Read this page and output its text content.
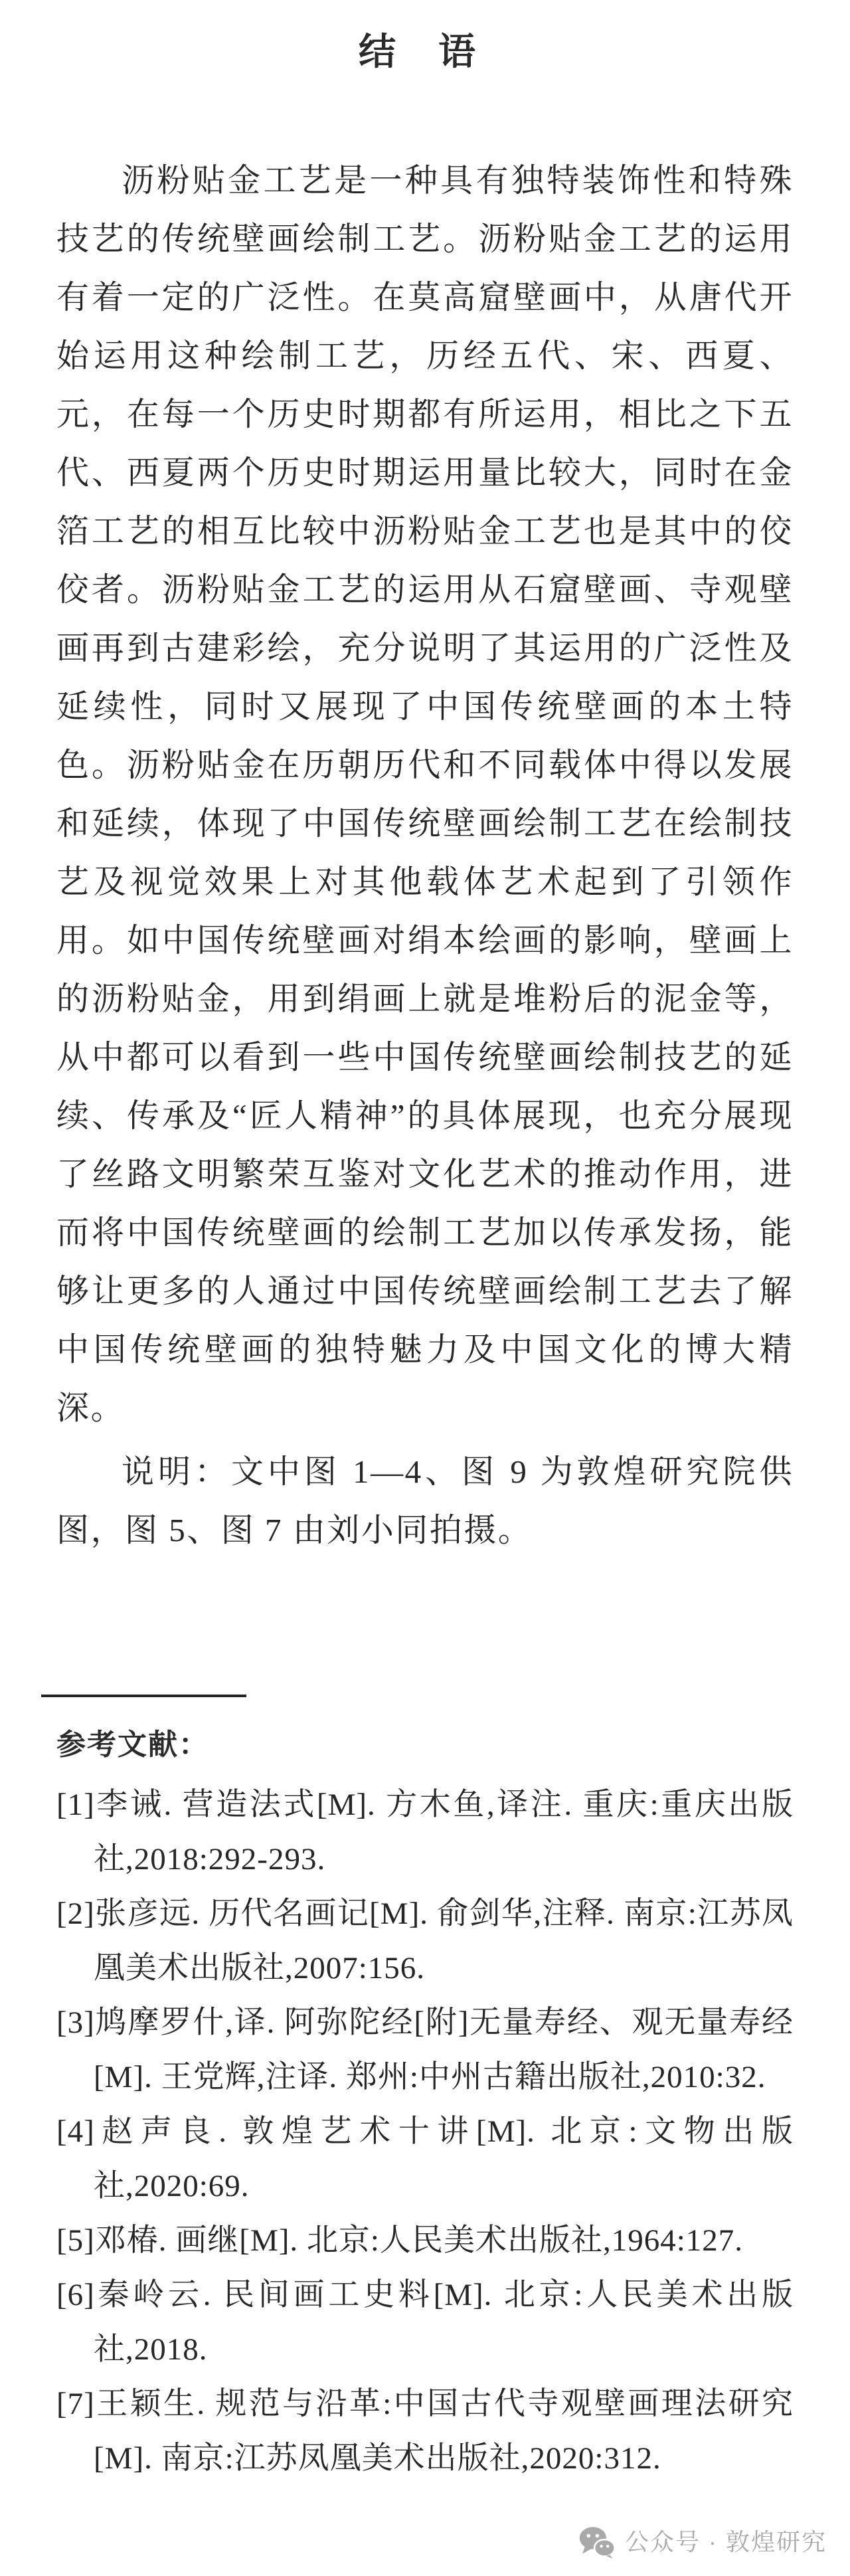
结　语

沥粉贴金工艺是一种具有独特装饰性和特殊技艺的传统壁画绘制工艺。沥粉贴金工艺的运用有着一定的广泛性。在莫高窟壁画中，从唐代开始运用这种绘制工艺，历经五代、宋、西夏、元，在每一个历史时期都有所运用，相比之下五代、西夏两个历史时期运用量比较大，同时在金箔工艺的相互比较中沥粉贴金工艺也是其中的佼佼者。沥粉贴金工艺的运用从石窟壁画、寺观壁画再到古建彩绘，充分说明了其运用的广泛性及延续性，同时又展现了中国传统壁画的本土特色。沥粉贴金在历朝历代和不同载体中得以发展和延续，体现了中国传统壁画绘制工艺在绘制技艺及视觉效果上对其他载体艺术起到了引领作用。如中国传统壁画对绢本绘画的影响，壁画上的沥粉贴金，用到绢画上就是堆粉后的泥金等，从中都可以看到一些中国传统壁画绘制技艺的延续、传承及“匠人精神”的具体展现，也充分展现了丝路文明繁荣互鉴对文化艺术的推动作用，进而将中国传统壁画的绘制工艺加以传承发扬，能够让更多的人通过中国传统壁画绘制工艺去了解中国传统壁画的独特魅力及中国文化的博大精深。

说明：文中图 1—4、图 9 为敦煌研究院供图，图 5、图 7 由刘小同拍摄。

参考文献：
[1]李诫. 营造法式[M]. 方木鱼,译注. 重庆:重庆出版社,2018:292-293.
[2]张彦远. 历代名画记[M]. 俞剑华,注释. 南京:江苏凤凰美术出版社,2007:156.
[3]鸠摩罗什,译. 阿弥陀经[附]无量寿经、观无量寿经[M]. 王党辉,注译. 郑州:中州古籍出版社,2010:32.
[4]赵声良. 敦煌艺术十讲[M]. 北京:文物出版社,2020:69.
[5]邓椿. 画继[M]. 北京:人民美术出版社,1964:127.
[6]秦岭云. 民间画工史料[M]. 北京:人民美术出版社,2018.
[7]王颖生. 规范与沿革:中国古代寺观壁画理法研究[M]. 南京:江苏凤凰美术出版社,2020:312.
公众号 · 敦煌研究
